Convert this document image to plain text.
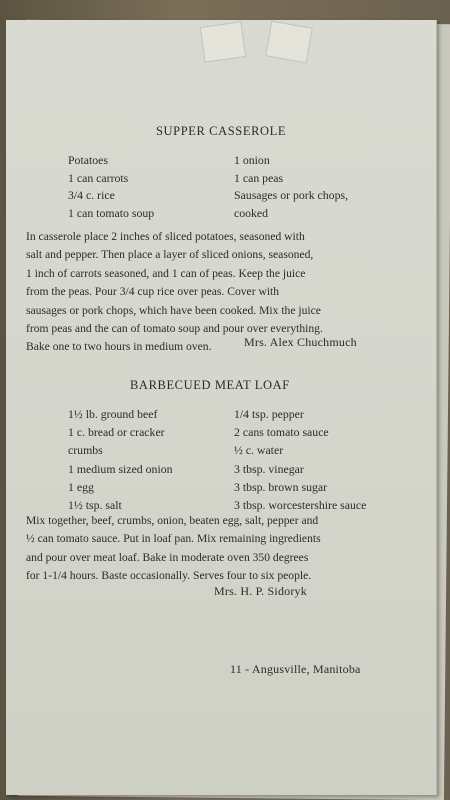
SUPPER CASSEROLE
Potatoes
1 can carrots
3/4 c. rice
1 can tomato soup
1 onion
1 can peas
Sausages or pork chops,
cooked
In casserole place 2 inches of sliced potatoes, seasoned with
salt and pepper. Then place a layer of sliced onions, seasoned,
1 inch of carrots seasoned, and 1 can of peas. Keep the juice
from the peas. Pour 3/4 cup rice over peas. Cover with
sausages or pork chops, which have been cooked. Mix the juice
from peas and the can of tomato soup and pour over everything.
Bake one to two hours in medium oven.	Mrs. Alex Chuchmuch
BARBECUED MEAT LOAF
1½ lb. ground beef
1 c. bread or cracker
crumbs
1 medium sized onion
1 egg
1½ tsp. salt
1/4 tsp. pepper
2 cans tomato sauce
½ c. water
3 tbsp. vinegar
3 tbsp. brown sugar
3 tbsp. worcestershire sauce
Mix together, beef, crumbs, onion, beaten egg, salt, pepper and
½ can tomato sauce. Put in loaf pan. Mix remaining ingredients
and pour over meat loaf. Bake in moderate oven 350 degrees
for 1-1/4 hours. Baste occasionally. Serves four to six people.
Mrs. H. P. Sidoryk
11 - Angusville, Manitoba
